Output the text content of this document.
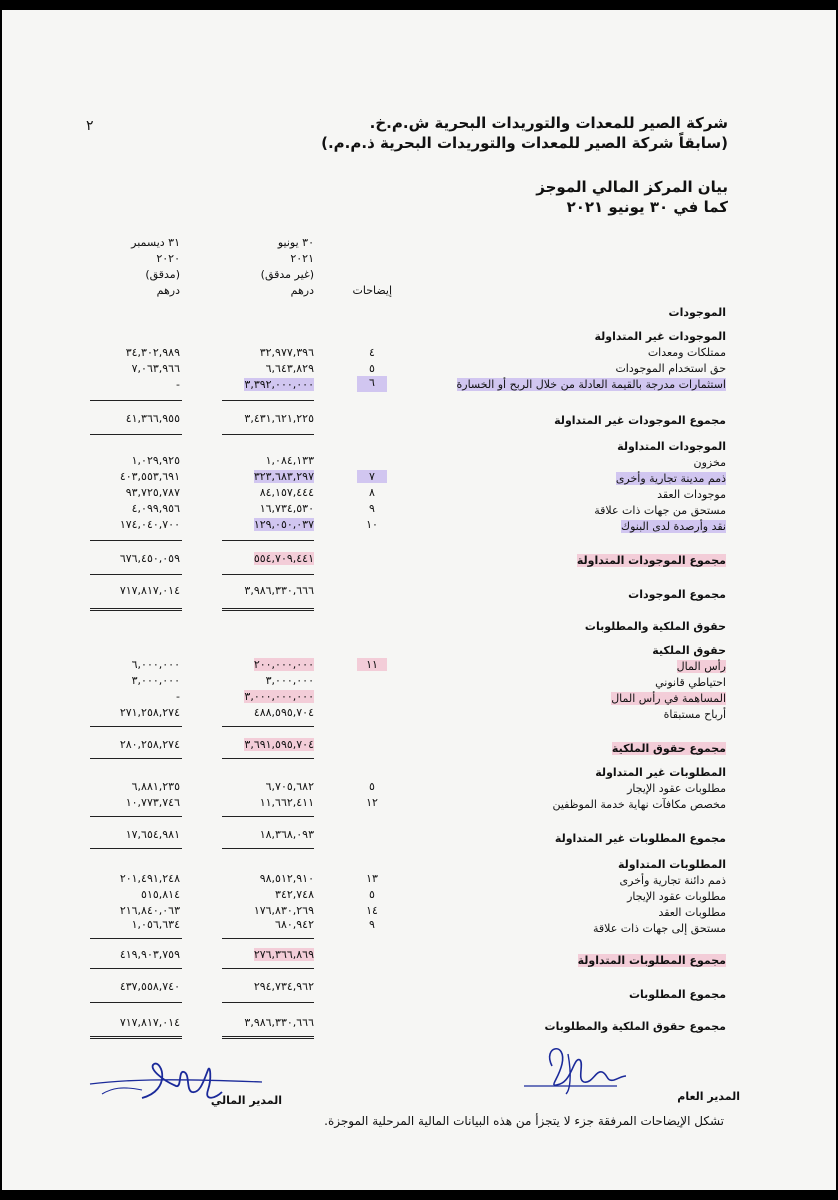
٢	شركة الصير للمعدات والتوريدات البحرية ش.م.خ.
(سابقاً شركة الصير للمعدات والتوريدات البحرية ذ.م.م.)
بيان المركز المالي الموجز
كما في ٣٠ يونيو ٢٠٢١
٣٠ يونيو
٢٠٢١
(غير مدقق)
درهم
٣١ ديسمبر
٢٠٢٠
(مدقق)
درهم	إيضاحات
الموجودات
الموجودات غير المتداولة
ممتلكات ومعدات
٤
٣٢,٩٧٧,٣٩٦
٣٤,٣٠٢,٩٨٩
حق استخدام الموجودات
٥
٦,٦٤٣,٨٢٩
٧,٠٦٣,٩٦٦
استثمارات مدرجة بالقيمة العادلة من خلال الربح أو الخسارة
٦
٣,٣٩٢,٠٠٠,٠٠٠
-
مجموع الموجودات غير المتداولة
٣,٤٣١,٦٢١,٢٢٥
٤١,٣٦٦,٩٥٥
الموجودات المتداولة
مخزون
١,٠٨٤,١٣٣
١,٠٢٩,٩٢٥
ذمم مدينة تجارية وأخرى
٧
٣٢٣,٦٨٣,٢٩٧
٤٠٣,٥٥٣,٦٩١
موجودات العقد
٨
٨٤,١٥٧,٤٤٤
٩٣,٧٢٥,٧٨٧
مستحق من جهات ذات علاقة
٩
١٦,٧٣٤,٥٣٠
٤,٠٩٩,٩٥٦
نقد وأرصدة لدى البنوك
١٠
١٢٩,٠٥٠,٠٣٧
١٧٤,٠٤٠,٧٠٠
مجموع الموجودات المتداولة
٥٥٤,٧٠٩,٤٤١
٦٧٦,٤٥٠,٠٥٩
مجموع الموجودات
٣,٩٨٦,٣٣٠,٦٦٦
٧١٧,٨١٧,٠١٤
حقوق الملكية والمطلوبات
حقوق الملكية
رأس المال
١١
٢٠٠,٠٠٠,٠٠٠
٦,٠٠٠,٠٠٠
احتياطي قانوني
٣,٠٠٠,٠٠٠
٣,٠٠٠,٠٠٠
المساهمة في رأس المال
٣,٠٠٠,٠٠٠,٠٠٠
-
أرباح مستبقاة
٤٨٨,٥٩٥,٧٠٤
٢٧١,٢٥٨,٢٧٤
مجموع حقوق الملكية
٣,٦٩١,٥٩٥,٧٠٤
٢٨٠,٢٥٨,٢٧٤
المطلوبات غير المتداولة
مطلوبات عقود الإيجار
٥
٦,٧٠٥,٦٨٢
٦,٨٨١,٢٣٥
مخصص مكافآت نهاية خدمة الموظفين
١٢
١١,٦٦٢,٤١١
١٠,٧٧٣,٧٤٦
مجموع المطلوبات غير المتداولة
١٨,٣٦٨,٠٩٣
١٧,٦٥٤,٩٨١
المطلوبات المتداولة
ذمم دائنة تجارية وأخرى
١٣
٩٨,٥١٢,٩١٠
٢٠١,٤٩١,٢٤٨
مطلوبات عقود الإيجار
٥
٣٤٢,٧٤٨
٥١٥,٨١٤
مطلوبات العقد
١٤
١٧٦,٨٣٠,٢٦٩
٢١٦,٨٤٠,٠٦٣
مستحق إلى جهات ذات علاقة
٩
٦٨٠,٩٤٢
١,٠٥٦,٦٣٤
مجموع المطلوبات المتداولة
٢٧٦,٣٦٦,٨٦٩
٤١٩,٩٠٣,٧٥٩
مجموع المطلوبات
٢٩٤,٧٣٤,٩٦٢
٤٣٧,٥٥٨,٧٤٠
مجموع حقوق الملكية والمطلوبات
٣,٩٨٦,٣٣٠,٦٦٦
٧١٧,٨١٧,٠١٤
المدير العام
المدير المالي
تشكل الإيضاحات المرفقة جزء لا يتجزأ من هذه البيانات المالية المرحلية الموجزة.
